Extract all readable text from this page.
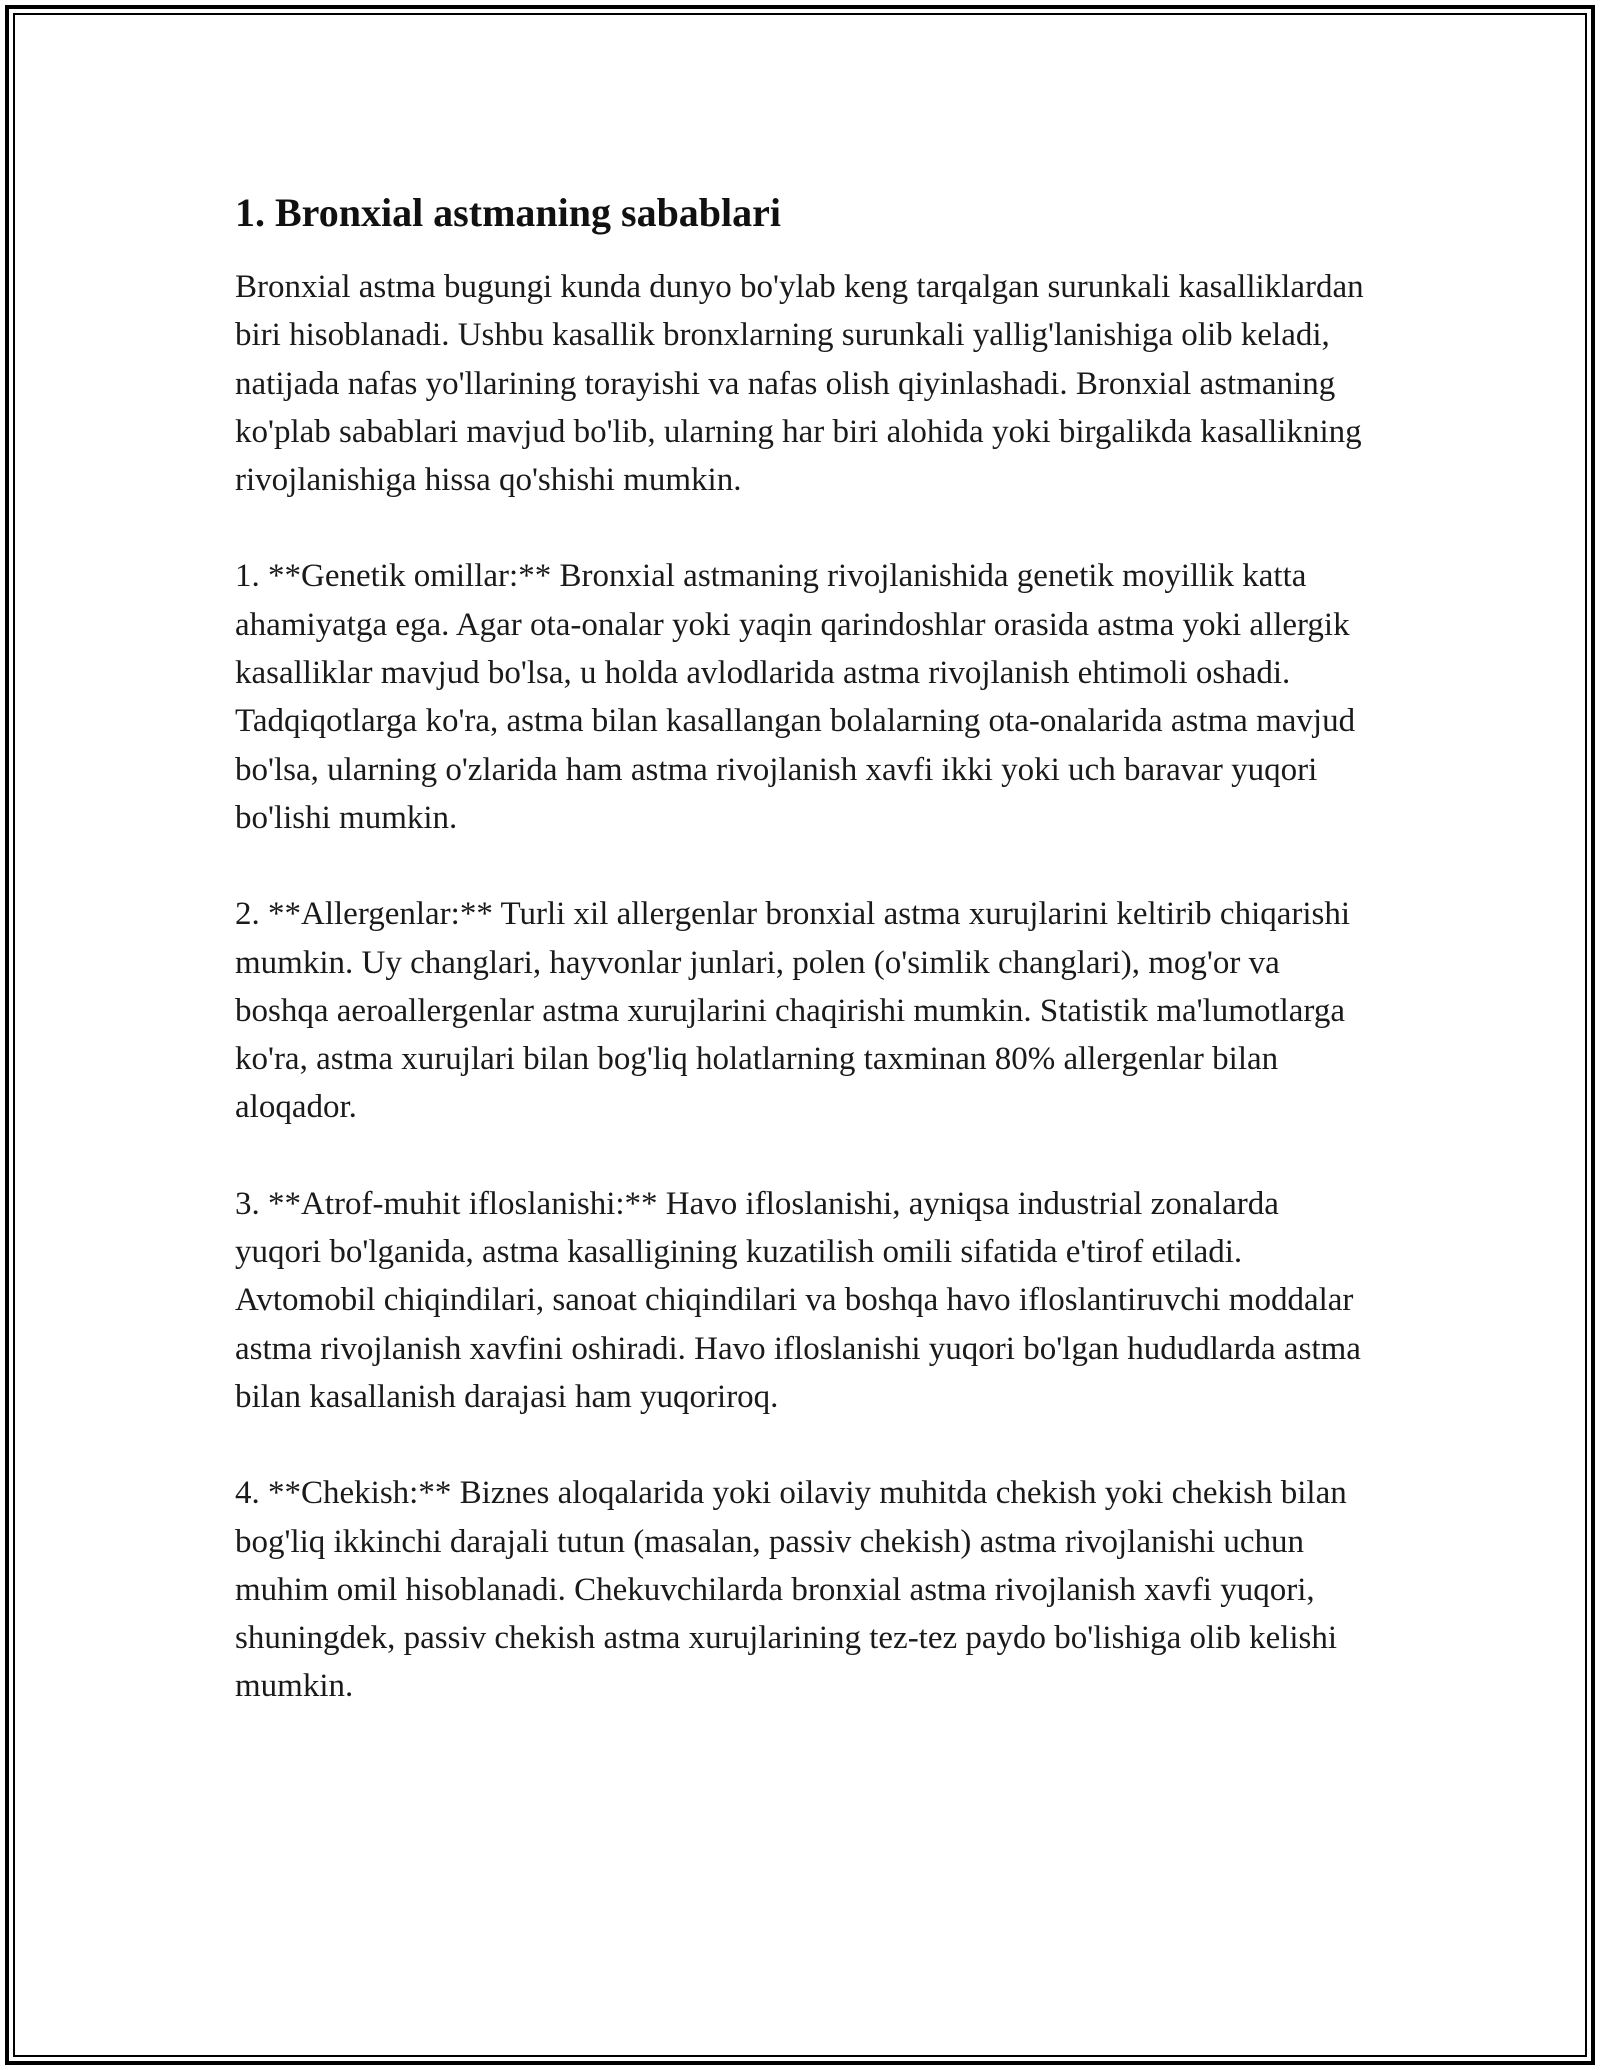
1. Bronxial astmaning sabablari

Bronxial astma bugungi kunda dunyo bo'ylab keng tarqalgan surunkali kasalliklardan biri hisoblanadi. Ushbu kasallik bronxlarning surunkali yallig'lanishiga olib keladi, natijada nafas yo'llarining torayishi va nafas olish qiyinlashadi. Bronxial astmaning ko'plab sabablari mavjud bo'lib, ularning har biri alohida yoki birgalikda kasallikning rivojlanishiga hissa qo'shishi mumkin.

1. **Genetik omillar:** Bronxial astmaning rivojlanishida genetik moyillik katta ahamiyatga ega. Agar ota-onalar yoki yaqin qarindoshlar orasida astma yoki allergik kasalliklar mavjud bo'lsa, u holda avlodlarida astma rivojlanish ehtimoli oshadi. Tadqiqotlarga ko'ra, astma bilan kasallangan bolalarning ota-onalarida astma mavjud bo'lsa, ularning o'zlarida ham astma rivojlanish xavfi ikki yoki uch baravar yuqori bo'lishi mumkin.

2. **Allergenlar:** Turli xil allergenlar bronxial astma xurujlarini keltirib chiqarishi mumkin. Uy changlari, hayvonlar junlari, polen (o'simlik changlari), mog'or va boshqa aeroallergenlar astma xurujlarini chaqirishi mumkin. Statistik ma'lumotlarga ko'ra, astma xurujlari bilan bog'liq holatlarning taxminan 80% allergenlar bilan aloqador.

3. **Atrof-muhit ifloslanishi:** Havo ifloslanishi, ayniqsa industrial zonalarda yuqori bo'lganida, astma kasalligining kuzatilish omili sifatida e'tirof etiladi. Avtomobil chiqindilari, sanoat chiqindilari va boshqa havo ifloslantiruvchi moddalar astma rivojlanish xavfini oshiradi. Havo ifloslanishi yuqori bo'lgan hududlarda astma bilan kasallanish darajasi ham yuqoriroq.

4. **Chekish:** Biznes aloqalarida yoki oilaviy muhitda chekish yoki chekish bilan bog'liq ikkinchi darajali tutun (masalan, passiv chekish) astma rivojlanishi uchun muhim omil hisoblanadi. Chekuvchilarda bronxial astma rivojlanish xavfi yuqori, shuningdek, passiv chekish astma xurujlarining tez-tez paydo bo'lishiga olib kelishi mumkin.
